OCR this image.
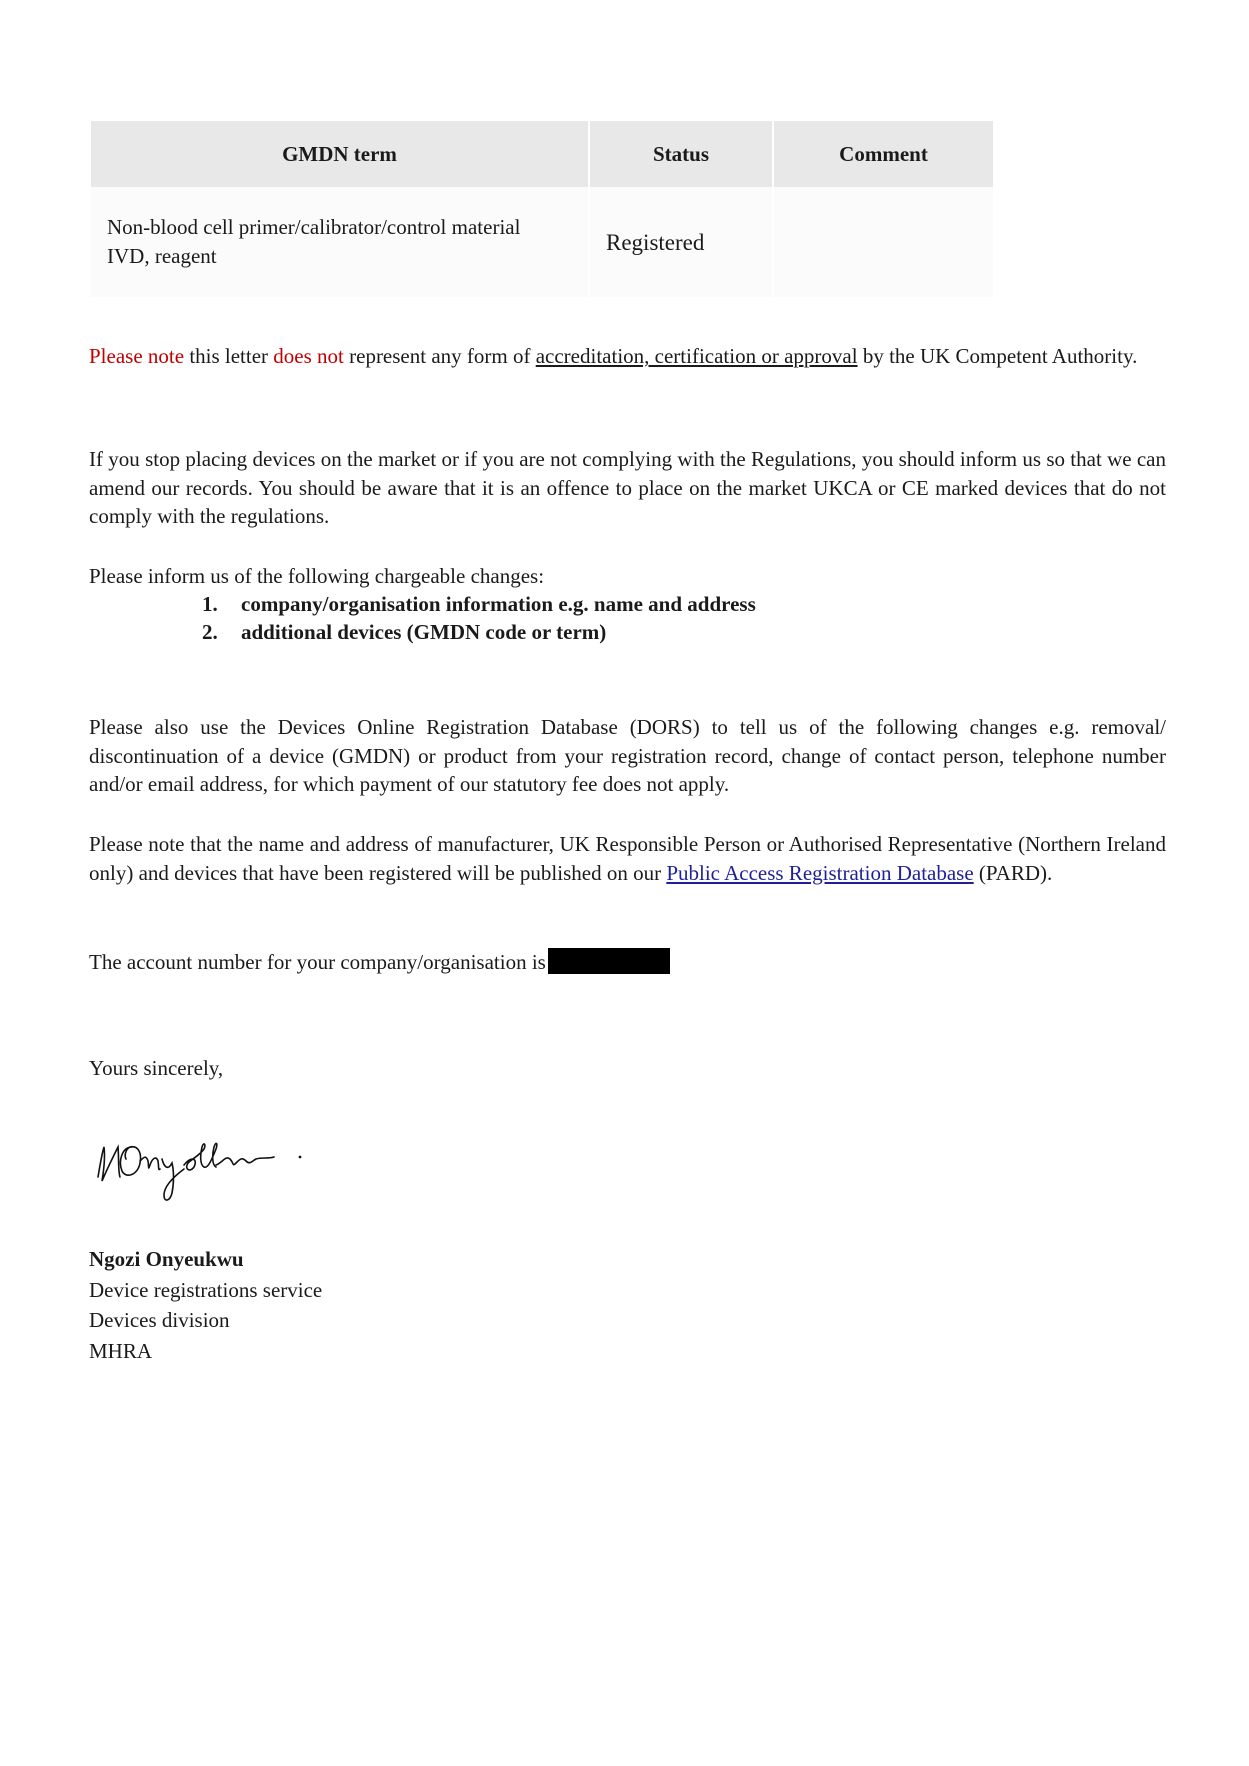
GMDN term	Status	Comment
Non-blood cell primer/calibrator/control material
IVD, reagent	Registered	

Please note this letter does not represent any form of accreditation, certification or approval by the UK Competent Authority.

If you stop placing devices on the market or if you are not complying with the Regulations, you should inform us so that we can amend our records. You should be aware that it is an offence to place on the market UKCA or CE marked devices that do not comply with the regulations.

Please inform us of the following chargeable changes:

1.	company/organisation information e.g. name and address
2.	additional devices (GMDN code or term)

Please also use the Devices Online Registration Database (DORS) to tell us of the following changes e.g. removal/ discontinuation of a device (GMDN) or product from your registration record, change of contact person, telephone number and/or email address, for which payment of our statutory fee does not apply.

Please note that the name and address of manufacturer, UK Responsible Person or Authorised Representative (Northern Ireland only) and devices that have been registered will be published on our Public Access Registration Database (PARD).

The account number for your company/organisation is

Yours sincerely,

Ngozi Onyeukwu
Device registrations service
Devices division
MHRA
